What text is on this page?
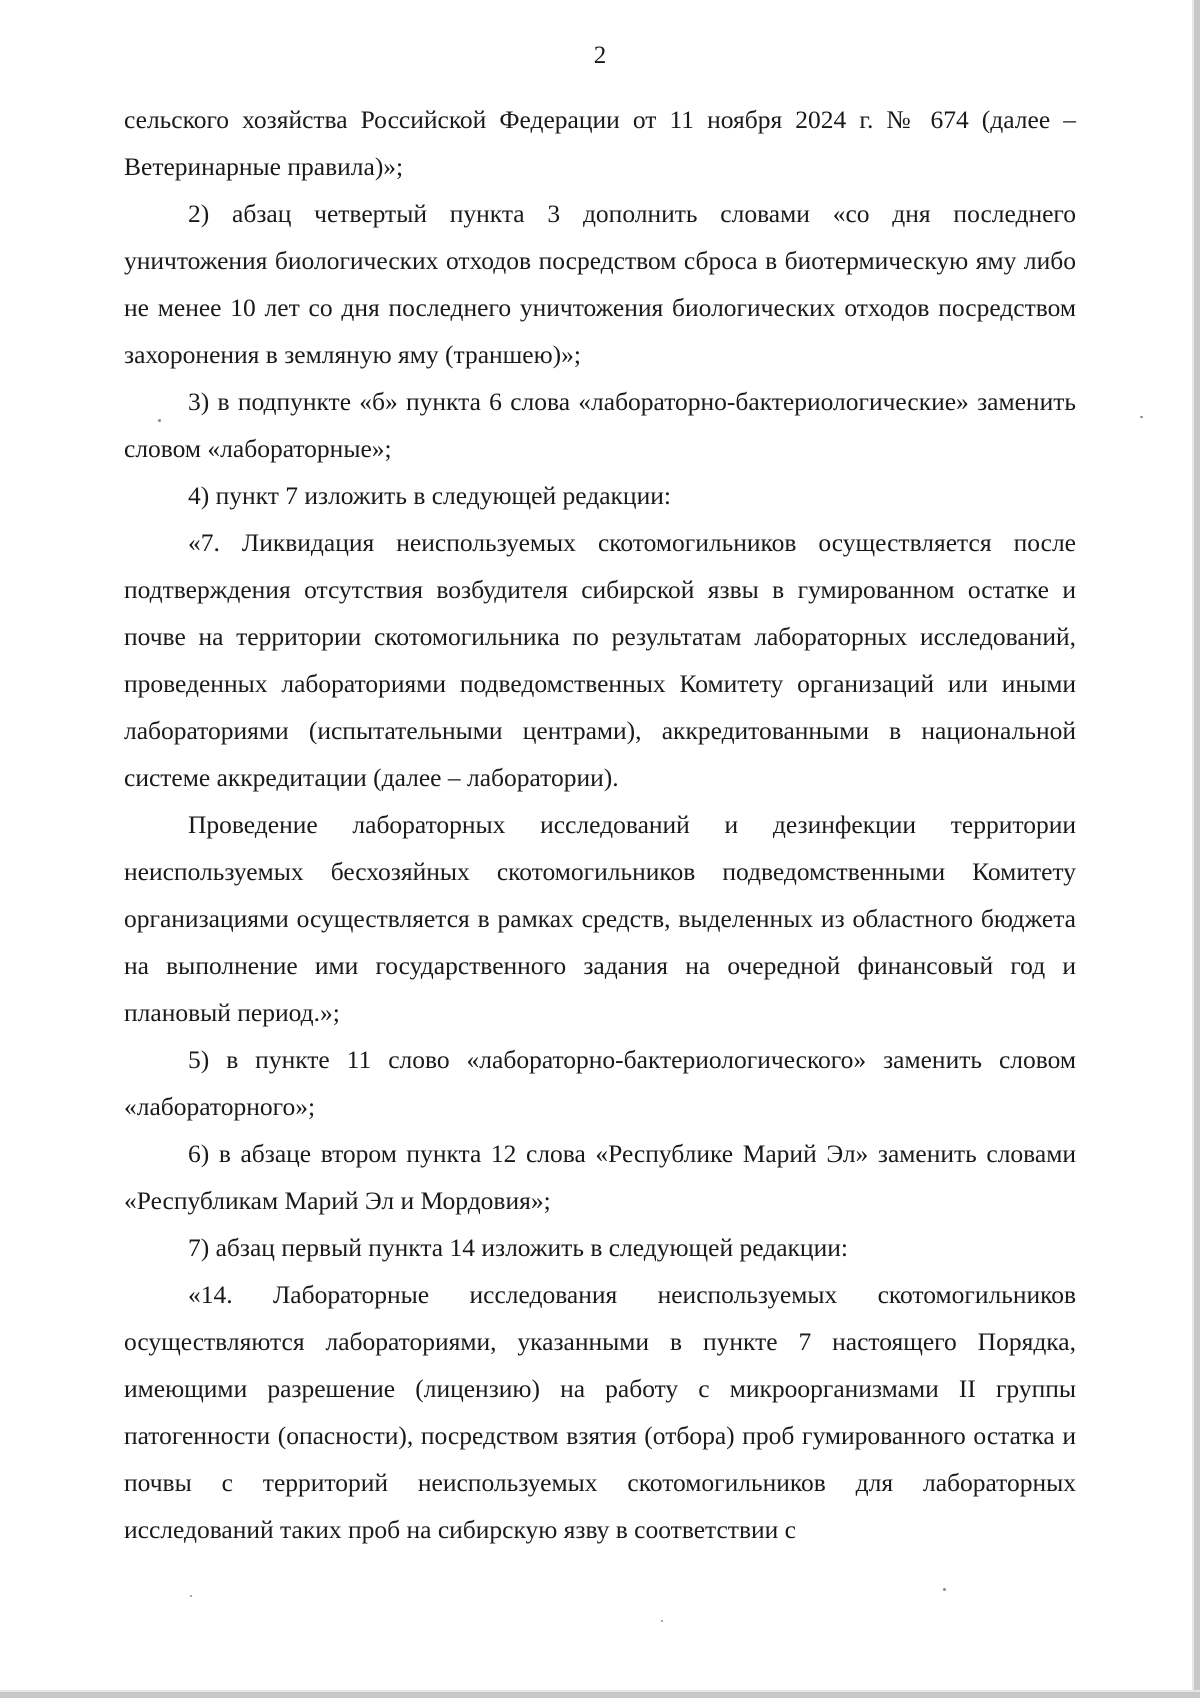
2

сельского хозяйства Российской Федерации от 11 ноября 2024 г. № 674 (далее – Ветеринарные правила)»;

2) абзац четвертый пункта 3 дополнить словами «со дня последнего уничтожения биологических отходов посредством сброса в биотермическую яму либо не менее 10 лет со дня последнего уничтожения биологических отходов посредством захоронения в земляную яму (траншею)»;

3) в подпункте «б» пункта 6 слова «лабораторно-бактериологические» заменить словом «лабораторные»;

4) пункт 7 изложить в следующей редакции:

«7. Ликвидация неиспользуемых скотомогильников осуществляется после подтверждения отсутствия возбудителя сибирской язвы в гумированном остатке и почве на территории скотомогильника по результатам лабораторных исследований, проведенных лабораториями подведомственных Комитету организаций или иными лабораториями (испытательными центрами), аккредитованными в национальной системе аккредитации (далее – лаборатории).

Проведение лабораторных исследований и дезинфекции территории неиспользуемых бесхозяйных скотомогильников подведомственными Комитету организациями осуществляется в рамках средств, выделенных из областного бюджета на выполнение ими государственного задания на очередной финансовый год и плановый период.»;

5) в пункте 11 слово «лабораторно-бактериологического» заменить словом «лабораторного»;

6) в абзаце втором пункта 12 слова «Республике Марий Эл» заменить словами «Республикам Марий Эл и Мордовия»;

7) абзац первый пункта 14 изложить в следующей редакции:

«14. Лабораторные исследования неиспользуемых скотомогильников осуществляются лабораториями, указанными в пункте 7 настоящего Порядка, имеющими разрешение (лицензию) на работу с микроорганизмами II группы патогенности (опасности), посредством взятия (отбора) проб гумированного остатка и почвы с территорий неиспользуемых скотомогильников для лабораторных исследований таких проб на сибирскую язву в соответствии с
